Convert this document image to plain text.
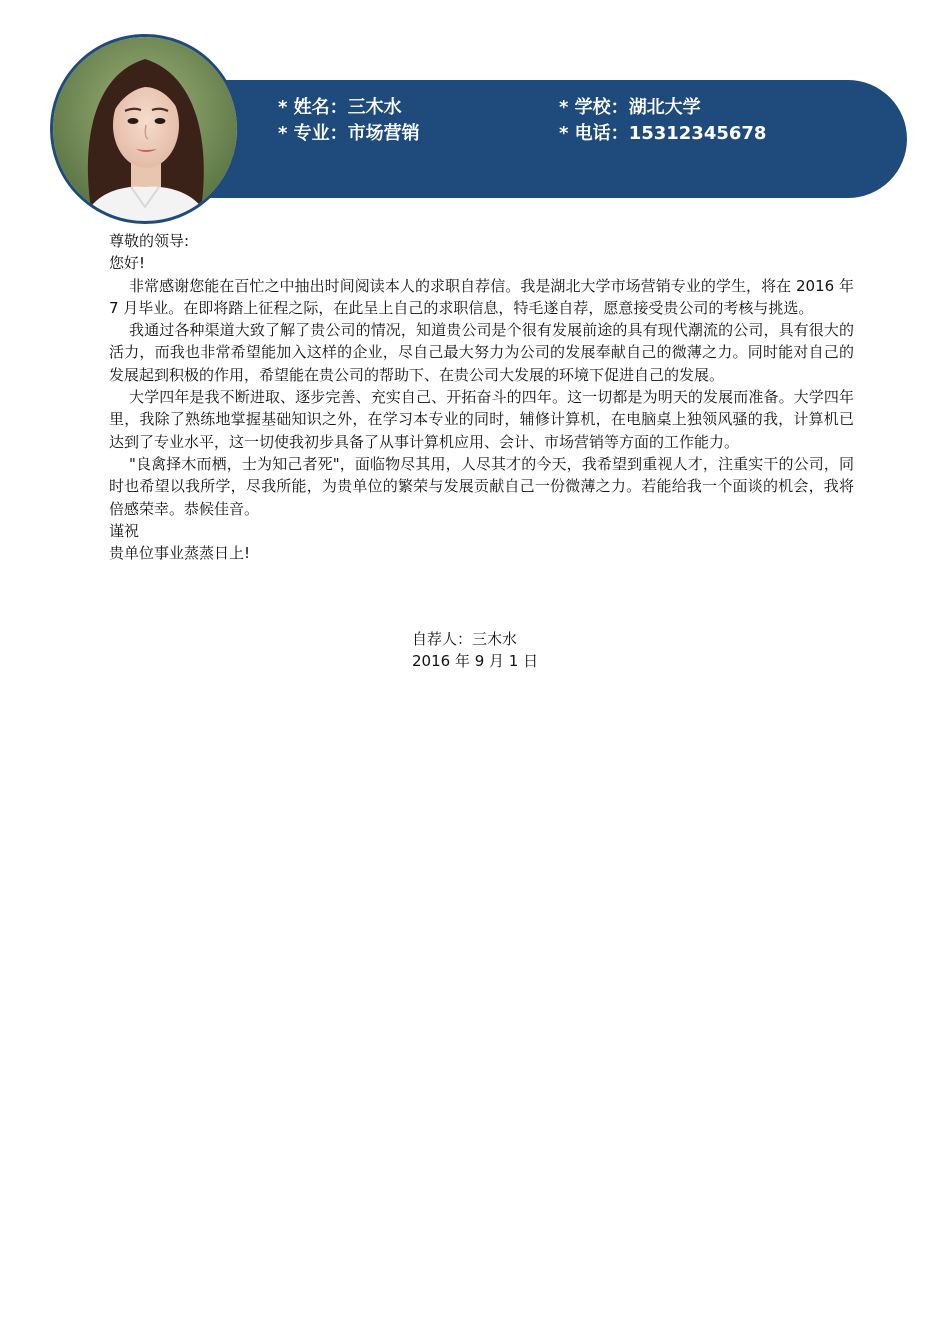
* 姓名：三木水
* 专业：市场营销
* 学校：湖北大学
* 电话：15312345678

尊敬的领导:

您好!

非常感谢您能在百忙之中抽出时间阅读本人的求职自荐信。我是湖北大学市场营销专业的学生，将在 2016 年 7 月毕业。在即将踏上征程之际，在此呈上自己的求职信息，特毛遂自荐，愿意接受贵公司的考核与挑选。

我通过各种渠道大致了解了贵公司的情况，知道贵公司是个很有发展前途的具有现代潮流的公司，具有很大的活力，而我也非常希望能加入这样的企业，尽自己最大努力为公司的发展奉献自己的微薄之力。同时能对自己的发展起到积极的作用，希望能在贵公司的帮助下、在贵公司大发展的环境下促进自己的发展。

大学四年是我不断进取、逐步完善、充实自己、开拓奋斗的四年。这一切都是为明天的发展而准备。大学四年里，我除了熟练地掌握基础知识之外，在学习本专业的同时，辅修计算机，在电脑桌上独领风骚的我，计算机已达到了专业水平，这一切使我初步具备了从事计算机应用、会计、市场营销等方面的工作能力。

"良禽择木而栖，士为知己者死"，面临物尽其用，人尽其才的今天，我希望到重视人才，注重实干的公司，同时也希望以我所学，尽我所能，为贵单位的繁荣与发展贡献自己一份微薄之力。若能给我一个面谈的机会，我将倍感荣幸。恭候佳音。

谨祝

贵单位事业蒸蒸日上!

自荐人：三木水

2016 年 9 月 1 日
